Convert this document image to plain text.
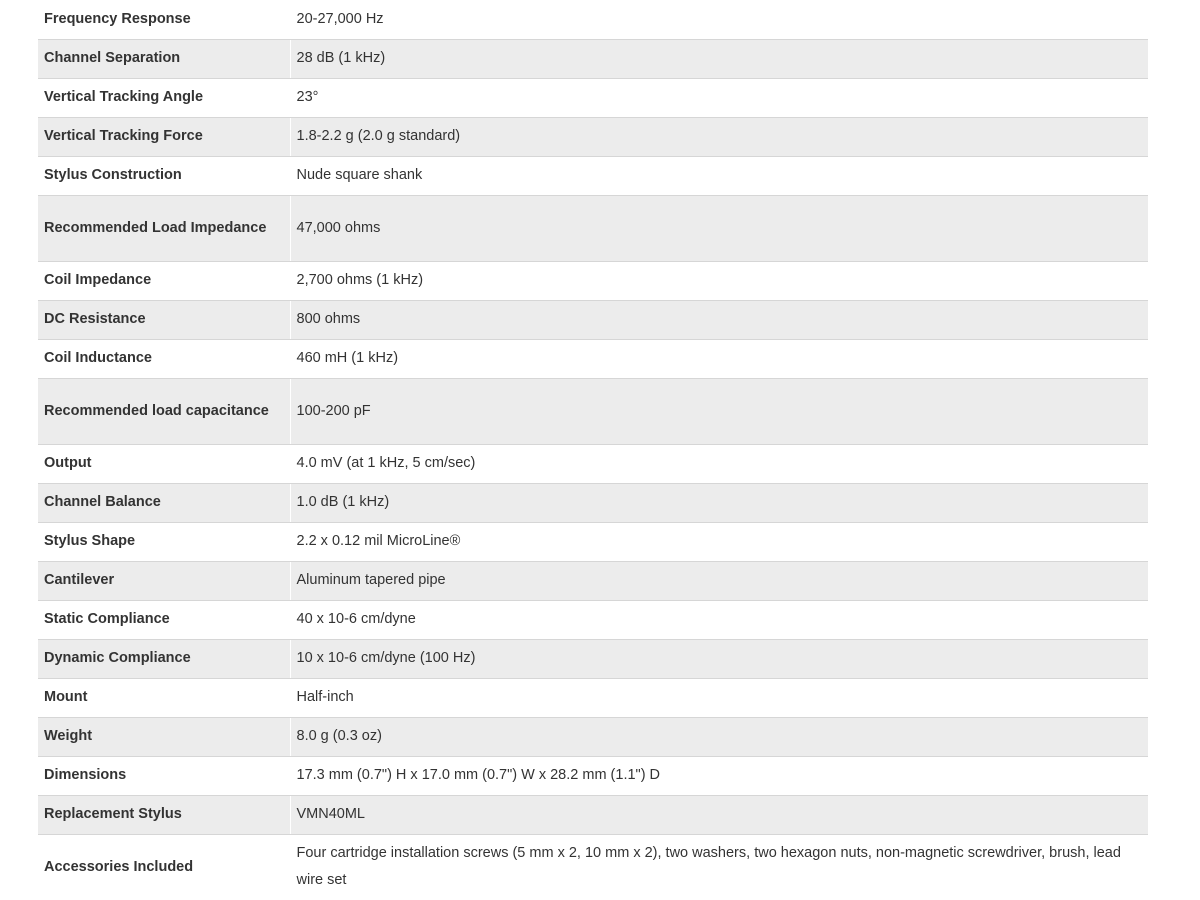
Frequency Response	20-27,000 Hz
Channel Separation	28 dB (1 kHz)
Vertical Tracking Angle	23°
Vertical Tracking Force	1.8-2.2 g (2.0 g standard)
Stylus Construction	Nude square shank
Recommended Load Impedance	47,000 ohms
Coil Impedance	2,700 ohms (1 kHz)
DC Resistance	800 ohms
Coil Inductance	460 mH (1 kHz)
Recommended load capacitance	100-200 pF
Output	4.0 mV (at 1 kHz, 5 cm/sec)
Channel Balance	1.0 dB (1 kHz)
Stylus Shape	2.2 x 0.12 mil MicroLine®
Cantilever	Aluminum tapered pipe
Static Compliance	40 x 10-6 cm/dyne
Dynamic Compliance	10 x 10-6 cm/dyne (100 Hz)
Mount	Half-inch
Weight	8.0 g (0.3 oz)
Dimensions	17.3 mm (0.7") H x 17.0 mm (0.7") W x 28.2 mm (1.1") D
Replacement Stylus	VMN40ML
Accessories Included	Four cartridge installation screws (5 mm x 2, 10 mm x 2), two washers, two hexagon nuts, non-magnetic screwdriver, brush, lead wire set
